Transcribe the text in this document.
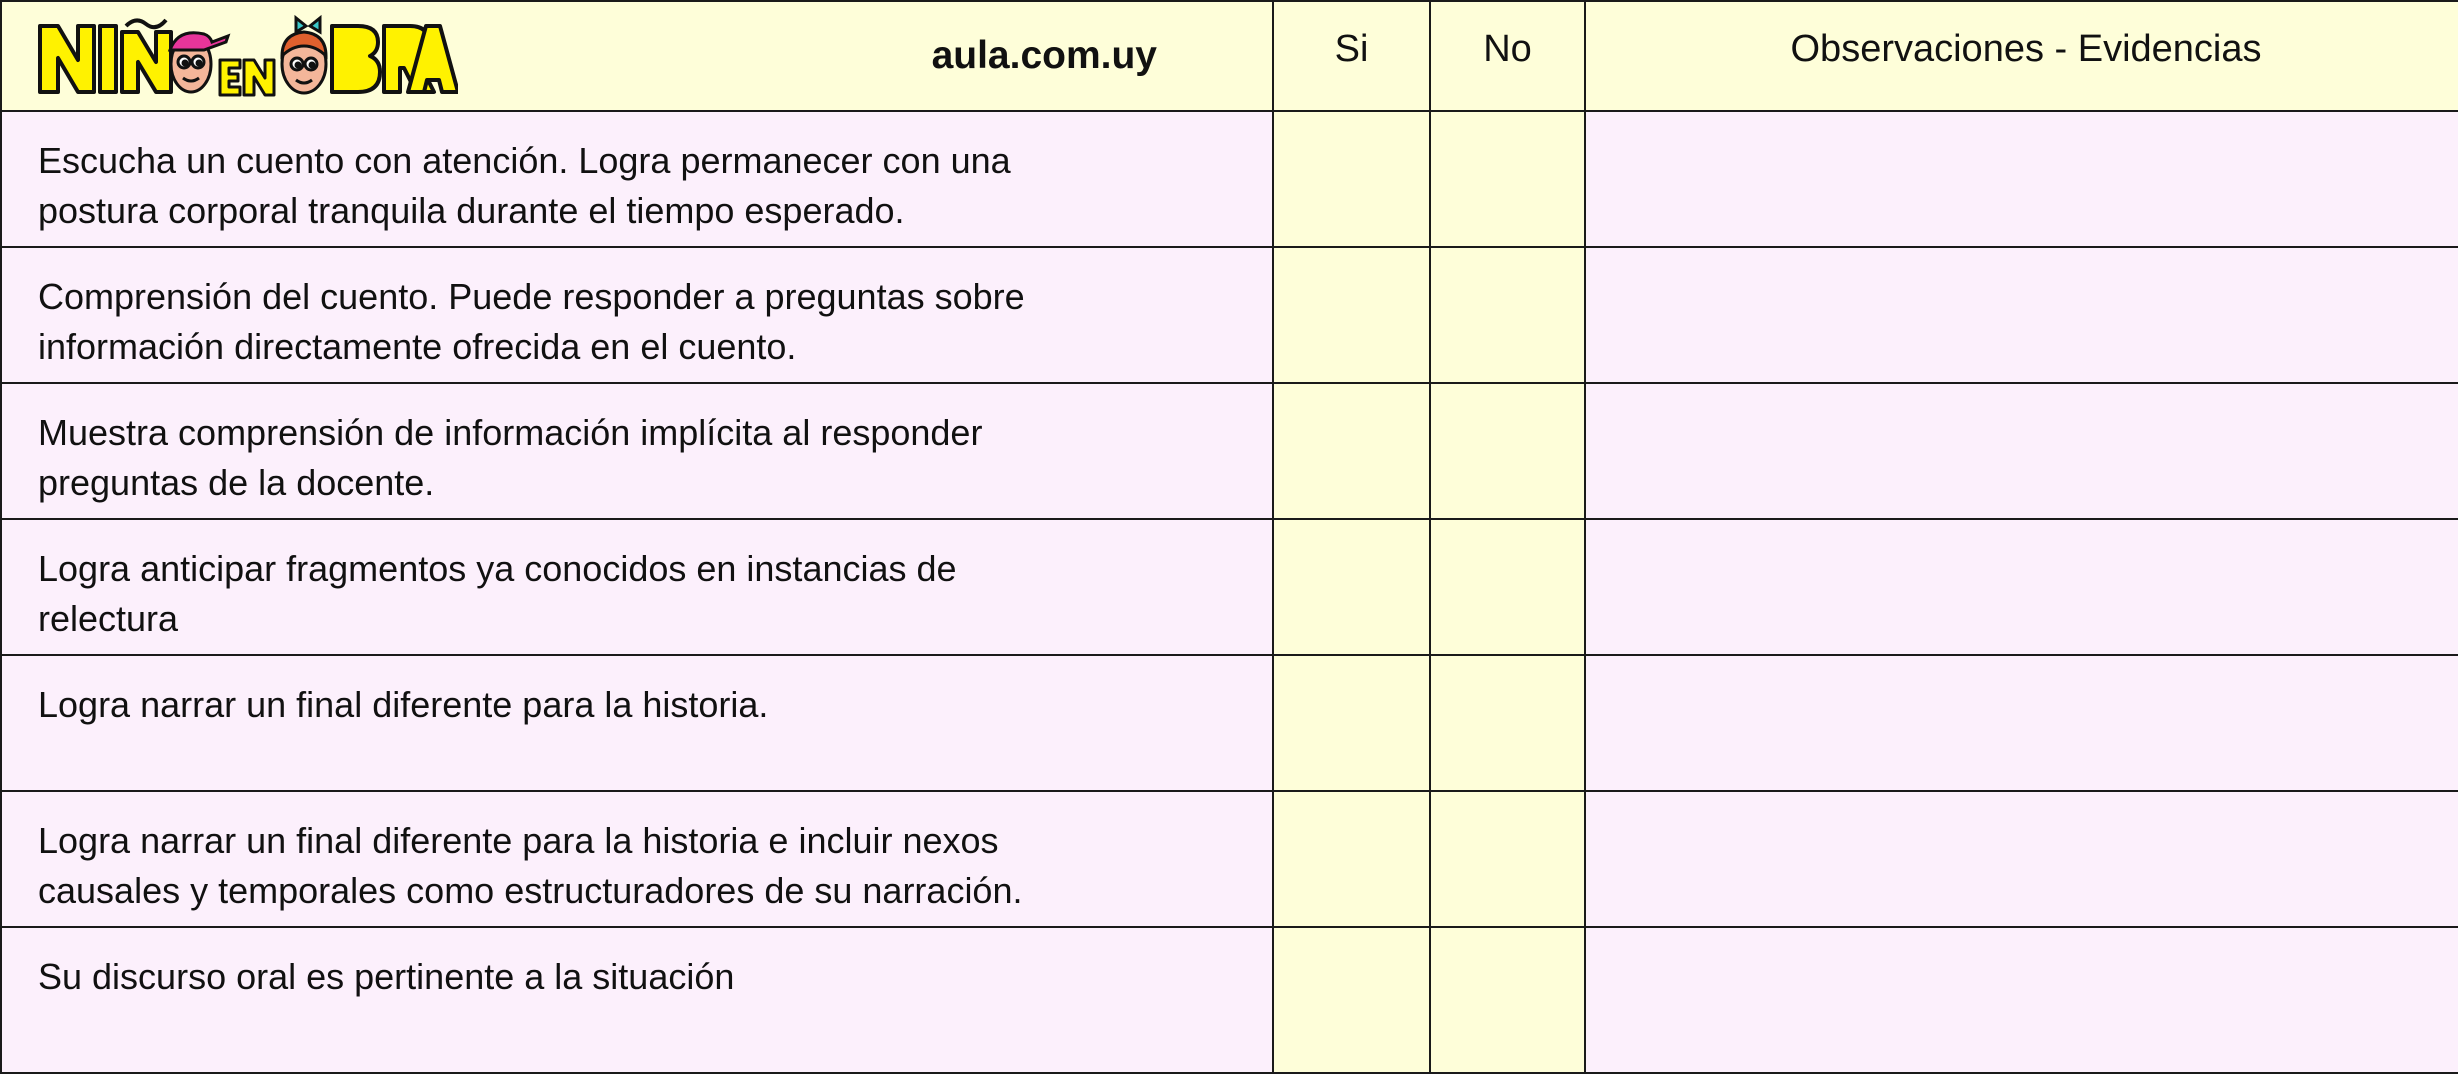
aula.com.uy	Si	No	Observaciones - Evidencias

Escucha un cuento con atención. Logra permanecer con una
postura corporal tranquila durante el tiempo esperado.			

Comprensión del cuento. Puede responder a preguntas sobre
información directamente ofrecida en el cuento.			

Muestra comprensión de información implícita al responder
preguntas de la docente.			

Logra anticipar fragmentos ya conocidos en instancias de
relectura			

Logra narrar un final diferente para la historia.			

Logra narrar un final diferente para la historia e incluir nexos
causales y temporales como estructuradores de su narración.			

Su discurso oral es pertinente a la situación			
